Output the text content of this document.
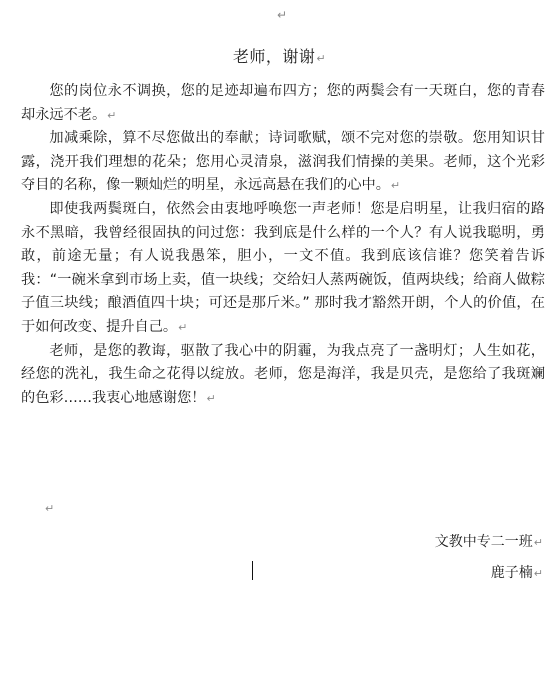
↵
老师，谢谢↵

您的岗位永不调换，您的足迹却遍布四方；您的两鬓会有一天斑白，您的青春却永远不老。↵

加减乘除，算不尽您做出的奉献；诗词歌赋，颂不完对您的崇敬。您用知识甘露，浇开我们理想的花朵；您用心灵清泉，滋润我们情操的美果。老师，这个光彩夺目的名称，像一颗灿烂的明星，永远高悬在我们的心中。↵

即使我两鬓斑白，依然会由衷地呼唤您一声老师！您是启明星，让我归宿的路永不黑暗，我曾经很固执的问过您：我到底是什么样的一个人？有人说我聪明，勇敢，前途无量；有人说我愚笨，胆小，一文不值。我到底该信谁？您笑着告诉我：“一碗米拿到市场上卖，值一块线；交给妇人蒸两碗饭，值两块线；给商人做粽子值三块线；酿酒值四十块；可还是那斤米。” 那时我才豁然开朗，个人的价值，在于如何改变、提升自己。↵

老师，是您的教诲，驱散了我心中的阴霾，为我点亮了一盏明灯；人生如花，经您的洗礼，我生命之花得以绽放。老师，您是海洋，我是贝壳，是您给了我斑斓的色彩……我衷心地感谢您！↵

↵
文教中专二一班↵
鹿子楠↵
